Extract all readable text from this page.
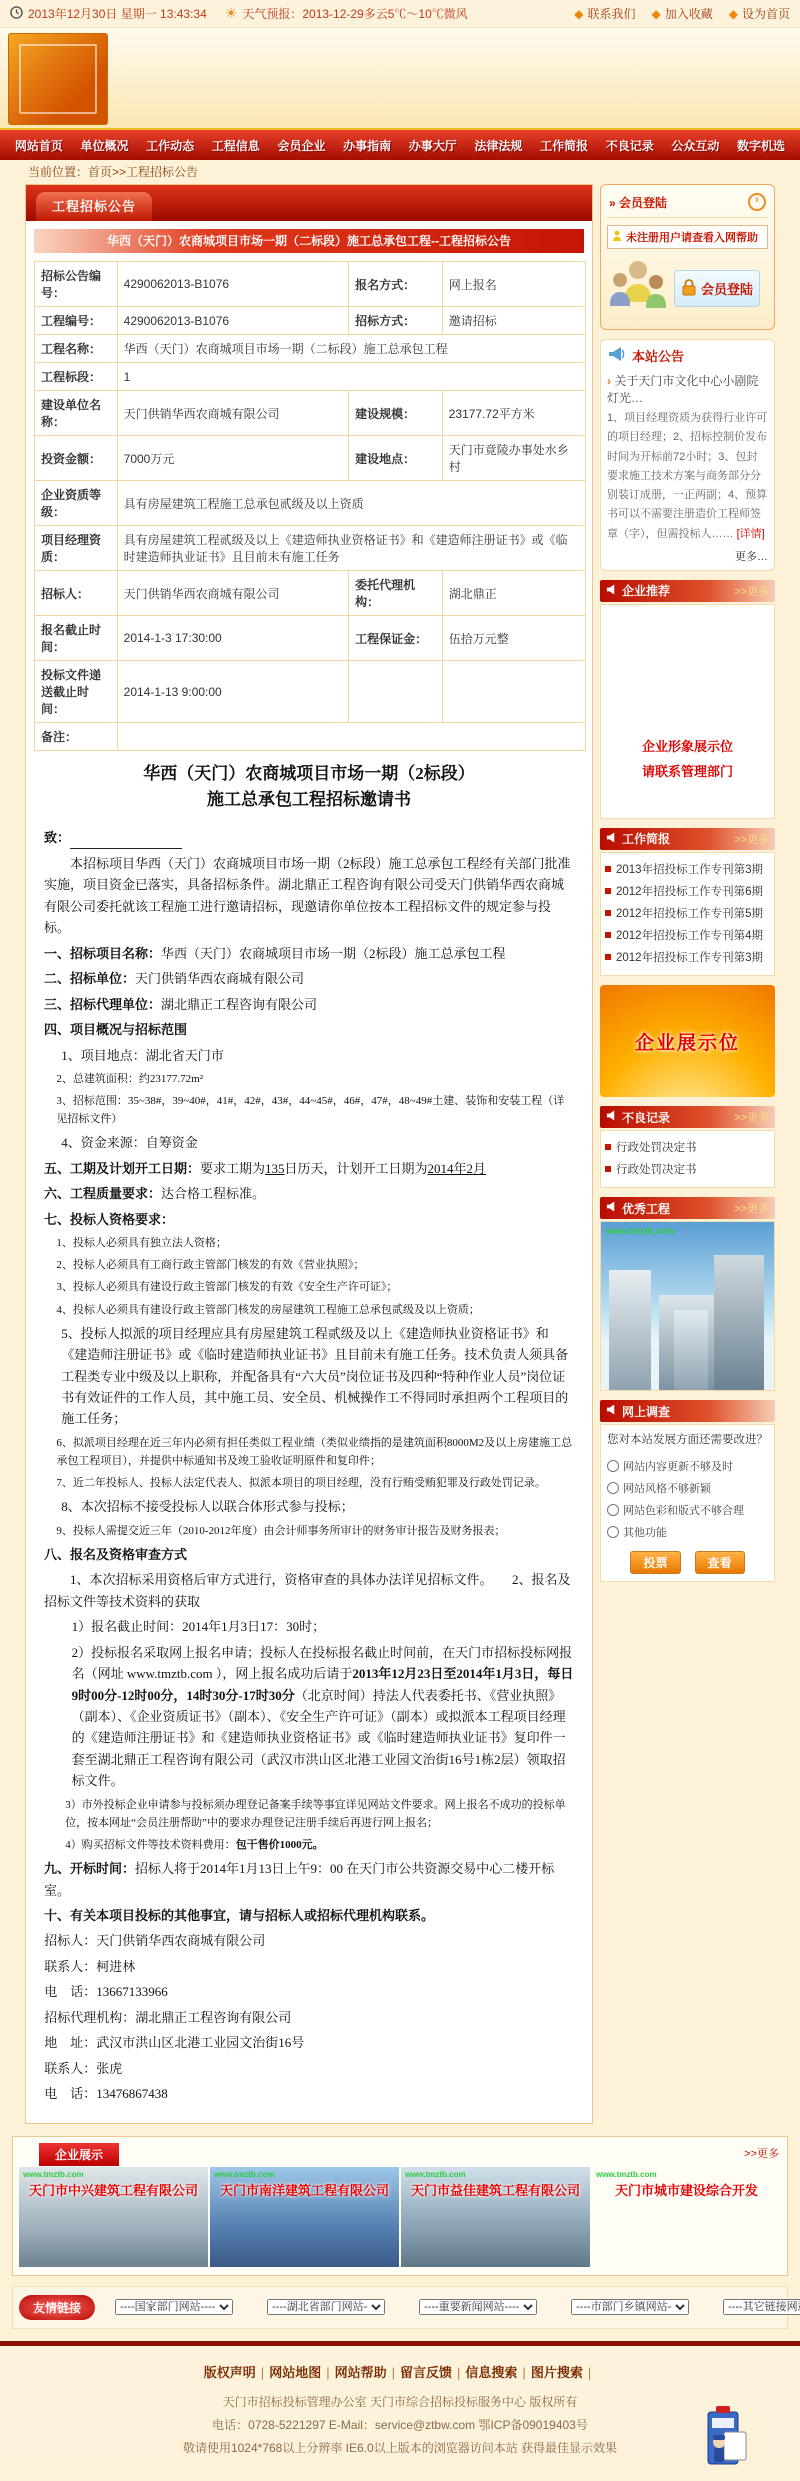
2013年12月30日 星期一 13:43:34 ☀ 天气预报：2013-12-29多云5℃～10℃微风	◆ 联系我们 ◆ 加入收藏 ◆ 设为首页
网站首页 单位概况 工作动态 工程信息 会员企业 办事指南 办事大厅 法律法规 工作简报 不良记录 公众互动 数字机选
当前位置：首页>>工程招标公告
工程招标公告
华西（天门）农商城项目市场一期（二标段）施工总承包工程--工程招标公告
招标公告编号：	4290062013-B1076	报名方式：	网上报名
工程编号：	4290062013-B1076	招标方式：	邀请招标
工程名称：	华西（天门）农商城项目市场一期（二标段）施工总承包工程		
工程标段：	1		
建设单位名称：	天门供销华西农商城有限公司	建设规模：	23177.72平方米
投资金额：	7000万元	建设地点：	天门市竟陵办事处水乡村
企业资质等级：	具有房屋建筑工程施工总承包贰级及以上资质		
项目经理资质：	具有房屋建筑工程贰级及以上《建造师执业资格证书》和《建造师注册证书》或《临时建造师执业证书》且目前未有施工任务		
招标人：	天门供销华西农商城有限公司	委托代理机构：	湖北鼎正
报名截止时间：	2014-1-3 17:30:00	工程保证金：	伍拾万元整
投标文件递送截止时间：	2014-1-13 9:00:00		
备注：			
华西（天门）农商城项目市场一期（2标段）
施工总承包工程招标邀请书
致：　
本招标项目华西（天门）农商城项目市场一期（2标段）施工总承包工程经有关部门批准实施，项目资金已落实，具备招标条件。湖北鼎正工程咨询有限公司受天门供销华西农商城有限公司委托就该工程施工进行邀请招标，现邀请你单位按本工程招标文件的规定参与投标。
一、招标项目名称：华西（天门）农商城项目市场一期（2标段）施工总承包工程
二、招标单位：天门供销华西农商城有限公司
三、招标代理单位：湖北鼎正工程咨询有限公司
四、项目概况与招标范围
1、项目地点：湖北省天门市
2、总建筑面积：约23177.72m²
3、招标范围：35~38#，39~40#，41#，42#，43#，44~45#，46#，47#，48~49#土建、装饰和安装工程（详见招标文件）
4、资金来源：自筹资金
五、工期及计划开工日期：要求工期为135日历天，计划开工日期为2014年2月
六、工程质量要求：达合格工程标准。
七、投标人资格要求：
1、投标人必须具有独立法人资格；
2、投标人必须具有工商行政主管部门核发的有效《营业执照》；
3、投标人必须具有建设行政主管部门核发的有效《安全生产许可证》；
4、投标人必须具有建设行政主管部门核发的房屋建筑工程施工总承包贰级及以上资质；
5、投标人拟派的项目经理应具有房屋建筑工程贰级及以上《建造师执业资格证书》和《建造师注册证书》或《临时建造师执业证书》且目前未有施工任务。技术负责人须具备工程类专业中级及以上职称，并配备具有“六大员”岗位证书及四种“特种作业人员”岗位证书有效证件的工作人员，其中施工员、安全员、机械操作工不得同时承担两个工程项目的施工任务；
6、拟派项目经理在近三年内必须有担任类似工程业绩（类似业绩指的是建筑面积8000M2及以上房建施工总承包工程项目），并提供中标通知书及竣工验收证明原件和复印件；
7、近二年投标人、投标人法定代表人、拟派本项目的项目经理，没有行贿受贿犯罪及行政处罚记录。
8、本次招标不接受投标人以联合体形式参与投标；
9、投标人需提交近三年（2010-2012年度）由会计师事务所审计的财务审计报告及财务报表；
八、报名及资格审查方式
1、本次招标采用资格后审方式进行，资格审查的具体办法详见招标文件。　　2、报名及招标文件等技术资料的获取
1）报名截止时间：2014年1月3日17：30时；
2）投标报名采取网上报名申请；投标人在投标报名截止时间前，在天门市招标投标网报名（网址 www.tmztb.com ），网上报名成功后请于2013年12月23日至2014年1月3日，每日9时00分-12时00分，14时30分-17时30分（北京时间）持法人代表委托书、《营业执照》（副本）、《企业资质证书》（副本）、《安全生产许可证》（副本）或拟派本工程项目经理的《建造师注册证书》和《建造师执业资格证书》或《临时建造师执业证书》复印件一套至湖北鼎正工程咨询有限公司（武汉市洪山区北港工业园文治街16号1栋2层）领取招标文件。
3）市外投标企业申请参与投标须办理登记备案手续等事宜详见网站文件要求。网上报名不成功的投标单位，按本网址“会员注册帮助”中的要求办理登记注册手续后再进行网上报名；
4）购买招标文件等技术资料费用：包干售价1000元。
九、开标时间：招标人将于2014年1月13日上午9：00 在天门市公共资源交易中心二楼开标室。
十、有关本项目投标的其他事宜，请与招标人或招标代理机构联系。
招标人：天门供销华西农商城有限公司
联系人：柯进林
电　话：13667133966
招标代理机构：湖北鼎正工程咨询有限公司
地　址：武汉市洪山区北港工业园文治街16号
联系人：张虎
电　话：13476867438
» 会员登陆	›
未注册用户请查看入网帮助
会员登陆
本站公告
› 关于天门市文化中心小剧院灯光…
1、项目经理资质为获得行业许可的项目经理；2、招标控制价发布时间为开标前72小时；3、包封要求施工技术方案与商务部分分别装订成册，一正两副；4、预算书可以不需要注册造价工程师签章（字），但需投标人…… [详情]
更多…
企业推荐	>>更多
企业形象展示位
请联系管理部门
工作简报	>>更多
2013年招投标工作专刊第3期
2012年招投标工作专刊第6期
2012年招投标工作专刊第5期
2012年招投标工作专刊第4期
2012年招投标工作专刊第3期
企业展示位
不良记录	>>更多
行政处罚决定书
行政处罚决定书
优秀工程	>>更多
www.tmztb.com
网上调查
您对本站发展方面还需要改进？
网站内容更新不够及时
网站风格不够新颖
网站色彩和版式不够合理
其他功能
投票	查看
企业展示	>>更多
www.tmztb.com
天门市中兴建筑工程有限公司
www.tmztb.com
天门市南洋建筑工程有限公司
www.tmztb.com
天门市益佳建筑工程有限公司
www.tmztb.com
天门市城市建设综合开发
友情链接
----国家部门网站----
----湖北省部门网站---
----重要新闻网站----
----市部门乡镇网站---
----其它链接网站----
版权声明 | 网站地图 | 网站帮助 | 留言反馈 | 信息搜索 | 图片搜索 |
天门市招标投标管理办公室 天门市综合招标投标服务中心 版权所有
电话：0728-5221297 E-Mail：service@ztbw.com 鄂ICP备09019403号
敬请使用1024*768以上分辨率 IE6.0以上版本的浏览器访问本站 获得最佳显示效果
